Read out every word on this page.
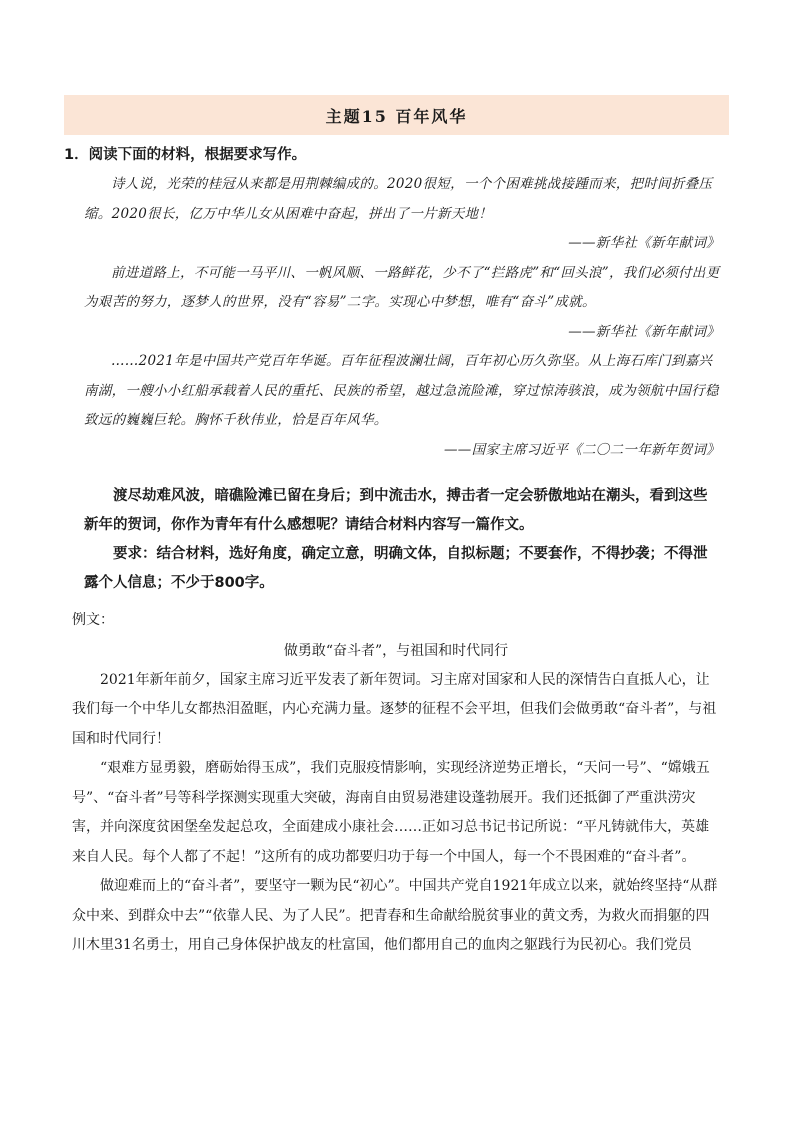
主题15 百年风华
1．阅读下面的材料，根据要求写作。

诗人说，光荣的桂冠从来都是用荆棘编成的。2020很短，一个个困难挑战接踵而来，把时间折叠压缩。2020很长，亿万中华儿女从困难中奋起，拼出了一片新天地！

——新华社《新年献词》

前进道路上，不可能一马平川、一帆风顺、一路鲜花，少不了“拦路虎”和“回头浪”，我们必须付出更为艰苦的努力，逐梦人的世界，没有“容易”二字。实现心中梦想，唯有“奋斗”成就。

——新华社《新年献词》

……2021年是中国共产党百年华诞。百年征程波澜壮阔，百年初心历久弥坚。从上海石库门到嘉兴南湖，一艘小小红船承载着人民的重托、民族的希望，越过急流险滩，穿过惊涛骇浪，成为领航中国行稳致远的巍巍巨轮。胸怀千秋伟业，恰是百年风华。

——国家主席习近平《二〇二一年新年贺词》

渡尽劫难风波，暗礁险滩已留在身后；到中流击水，搏击者一定会骄傲地站在潮头，看到这些新年的贺词，你作为青年有什么感想呢？请结合材料内容写一篇作文。

要求：结合材料，选好角度，确定立意，明确文体，自拟标题；不要套作，不得抄袭；不得泄露个人信息；不少于800字。

例文：

做勇敢“奋斗者”，与祖国和时代同行

2021年新年前夕，国家主席习近平发表了新年贺词。习主席对国家和人民的深情告白直抵人心，让我们每一个中华儿女都热泪盈眶，内心充满力量。逐梦的征程不会平坦，但我们会做勇敢“奋斗者”，与祖国和时代同行！

“艰难方显勇毅，磨砺始得玉成”，我们克服疫情影响，实现经济逆势正增长，“天问一号”、“嫦娥五号”、“奋斗者”号等科学探测实现重大突破，海南自由贸易港建设蓬勃展开。我们还抵御了严重洪涝灾害，并向深度贫困堡垒发起总攻，全面建成小康社会……正如习总书记书记所说：“平凡铸就伟大，英雄来自人民。每个人都了不起！”这所有的成功都要归功于每一个中国人，每一个不畏困难的“奋斗者”。

做迎难而上的“奋斗者”，要坚守一颗为民“初心”。中国共产党自1921年成立以来，就始终坚持“从群众中来、到群众中去”“依靠人民、为了人民”。把青春和生命献给脱贫事业的黄文秀，为救火而捐躯的四川木里31名勇士，用自己身体保护战友的杜富国，他们都用自己的血肉之躯践行为民初心。我们党员
